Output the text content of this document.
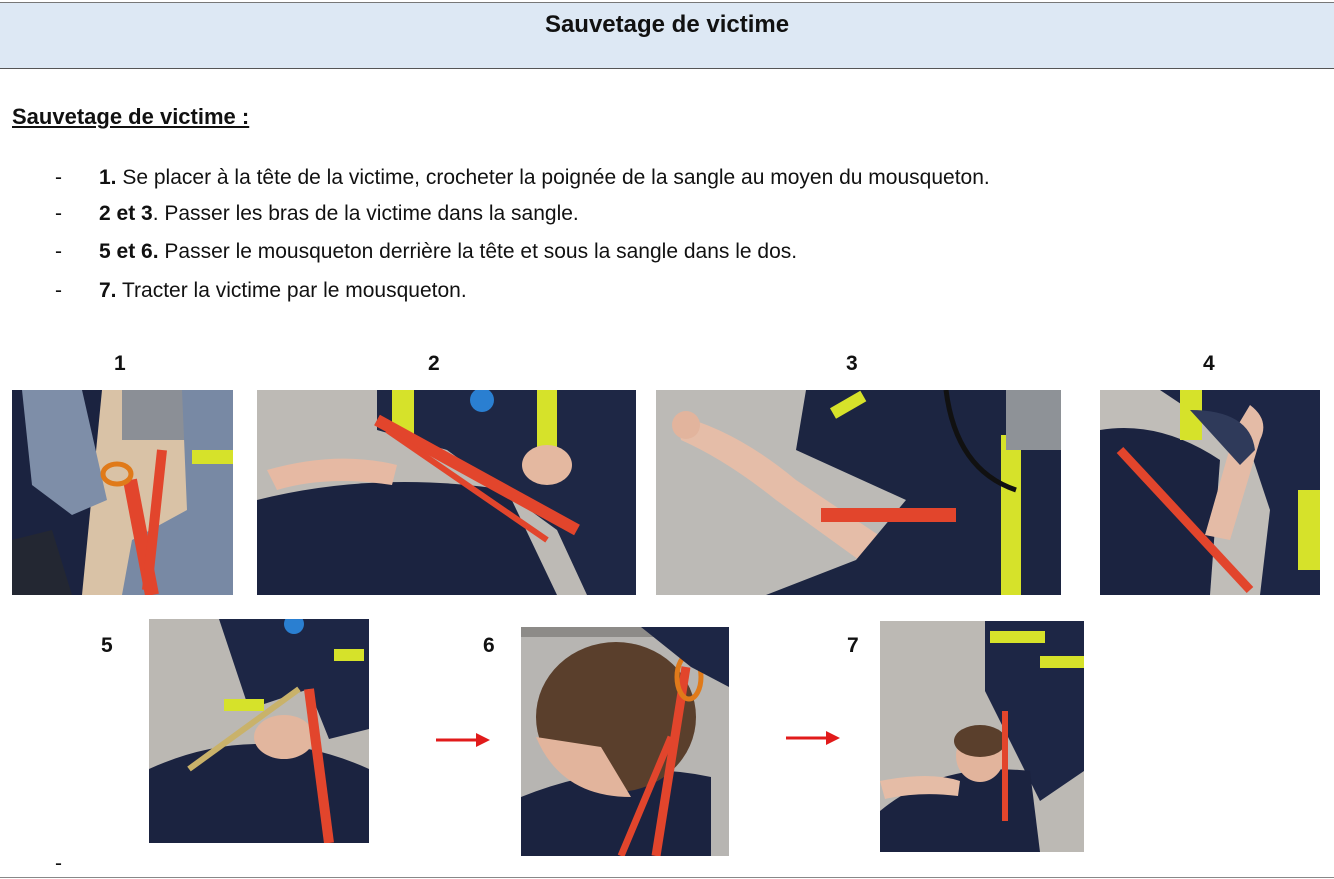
Sauvetage de victime
Sauvetage de victime :
- 1. Se placer à la tête de la victime, crocheter la poignée de la sangle au moyen du mousqueton.
- 2 et 3. Passer les bras de la victime dans la sangle.
- 5 et 6. Passer le mousqueton derrière la tête et sous la sangle dans le dos.
- 7. Tracter la victime par le mousqueton.
1	2	3	4
5	6	7
-
